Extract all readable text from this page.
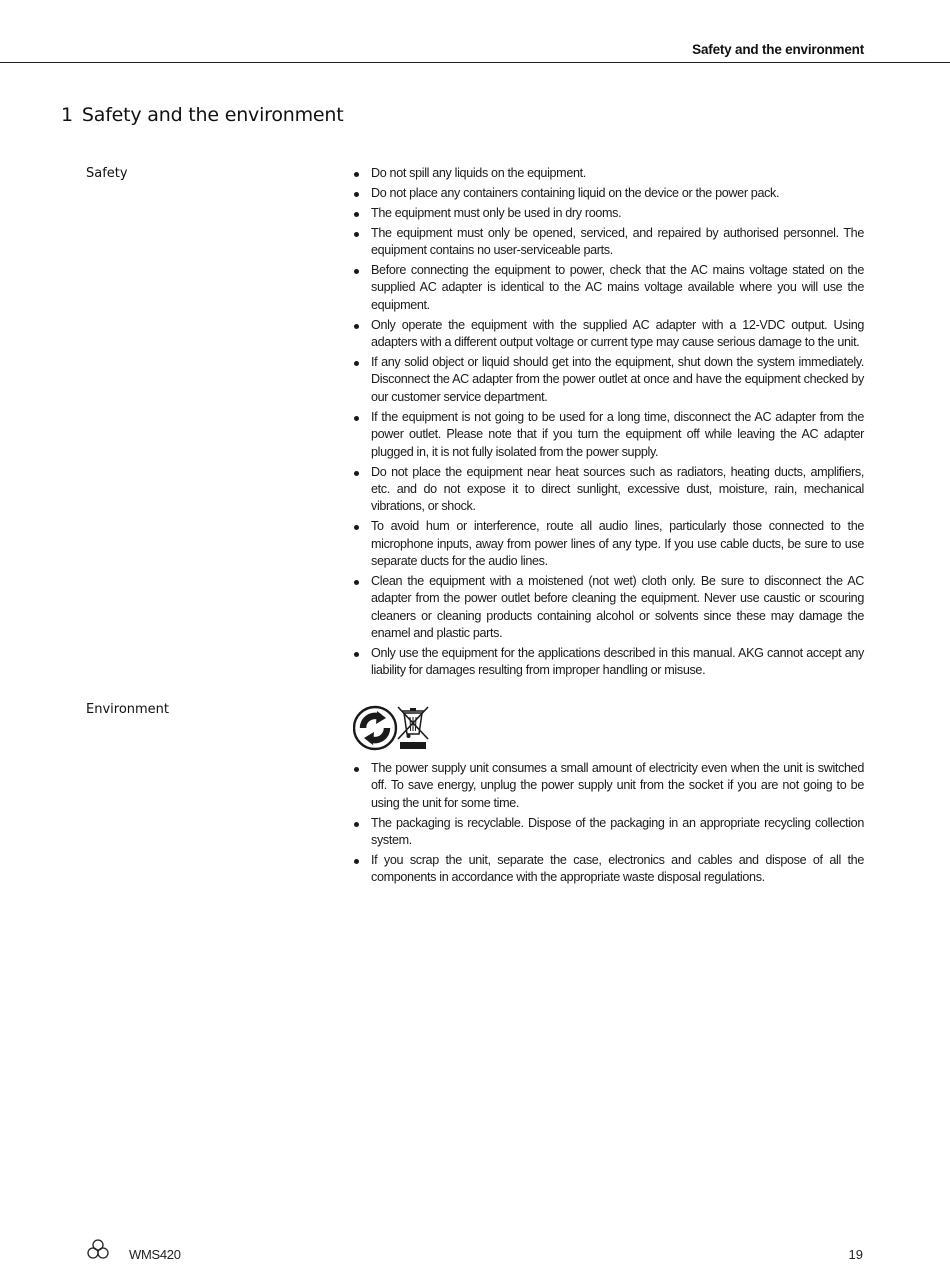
Safety and the environment
1 Safety and the environment
Safety	Do not spill any liquids on the equipment.
Do not place any containers containing liquid on the device or the power pack.
The equipment must only be used in dry rooms.
The equipment must only be opened, serviced, and repaired by authorised personnel. The equipment contains no user-serviceable parts.
Before connecting the equipment to power, check that the AC mains voltage stated on the supplied AC adapter is identical to the AC mains voltage available where you will use the equipment.
Only operate the equipment with the supplied AC adapter with a 12-VDC output. Using adapters with a different output voltage or current type may cause serious damage to the unit.
If any solid object or liquid should get into the equipment, shut down the system immediately. Disconnect the AC adapter from the power outlet at once and have the equipment checked by our customer service department.
If the equipment is not going to be used for a long time, disconnect the AC adapter from the power outlet. Please note that if you turn the equipment off while leaving the AC adapter plugged in, it is not fully isolated from the power supply.
Do not place the equipment near heat sources such as radiators, heating ducts, amplifiers, etc. and do not expose it to direct sunlight, excessive dust, moisture, rain, mechanical vibrations, or shock.
To avoid hum or interference, route all audio lines, particularly those connected to the microphone inputs, away from power lines of any type. If you use cable ducts, be sure to use separate ducts for the audio lines.
Clean the equipment with a moistened (not wet) cloth only. Be sure to disconnect the AC adapter from the power outlet before cleaning the equipment. Never use caustic or scouring cleaners or cleaning products containing alcohol or solvents since these may damage the enamel and plastic parts.
Only use the equipment for the applications described in this manual. AKG cannot accept any liability for damages resulting from improper handling or misuse.
Environment
The power supply unit consumes a small amount of electricity even when the unit is switched off. To save energy, unplug the power supply unit from the socket if you are not going to be using the unit for some time.
The packaging is recyclable. Dispose of the packaging in an appropriate recycling collection system.
If you scrap the unit, separate the case, electronics and cables and dispose of all the components in accordance with the appropriate waste disposal regulations.
WMS420	19
